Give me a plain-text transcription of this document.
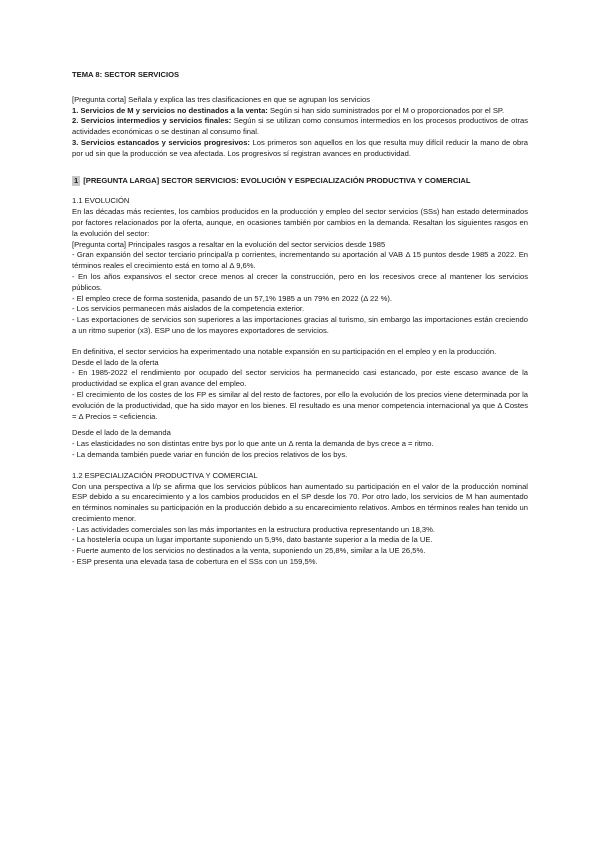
TEMA 8: SECTOR SERVICIOS

[Pregunta corta] Señala y explica las tres clasificaciones en que se agrupan los servicios

1. Servicios de M y servicios no destinados a la venta: Según si han sido suministrados por el M o proporcionados por el SP.

2. Servicios intermedios y servicios finales: Según si se utilizan como consumos intermedios en los procesos productivos de otras actividades económicas o se destinan al consumo final.

3. Servicios estancados y servicios progresivos: Los primeros son aquellos en los que resulta muy difícil reducir la mano de obra por ud sin que la producción se vea afectada. Los progresivos sí registran avances en productividad.

1 [PREGUNTA LARGA] SECTOR SERVICIOS: EVOLUCIÓN Y ESPECIALIZACIÓN PRODUCTIVA Y COMERCIAL

1.1 EVOLUCIÓN

En las décadas más recientes, los cambios producidos en la producción y empleo del sector servicios (SSs) han estado determinados por factores relacionados por la oferta, aunque, en ocasiones también por cambios en la demanda. Resaltan los siguientes rasgos en la evolución del sector:

[Pregunta corta] Principales rasgos a resaltar en la evolución del sector servicios desde 1985

- Gran expansión del sector terciario principal/a p corrientes, incrementando su aportación al VAB Δ 15 puntos desde 1985 a 2022. En términos reales el crecimiento está en torno al Δ 9,6%.

- En los años expansivos el sector crece menos al crecer la construcción, pero en los recesivos crece al mantener los servicios públicos.

- El empleo crece de forma sostenida, pasando de un 57,1% 1985 a un 79% en 2022 (Δ 22 %).

- Los servicios permanecen más aislados de la competencia exterior.

- Las exportaciones de servicios son superiores a las importaciones gracias al turismo, sin embargo las importaciones están creciendo a un ritmo superior (x3). ESP uno de los mayores exportadores de servicios.

En definitiva, el sector servicios ha experimentado una notable expansión en su participación en el empleo y en la producción.

Desde el lado de la oferta

- En 1985-2022 el rendimiento por ocupado del sector servicios ha permanecido casi estancado, por este escaso avance de la productividad se explica el gran avance del empleo.

- El crecimiento de los costes de los FP es similar al del resto de factores, por ello la evolución de los precios viene determinada por la evolución de la productividad, que ha sido mayor en los bienes. El resultado es una menor competencia internacional ya que Δ Costes = Δ Precios = <eficiencia.

Desde el lado de la demanda

- Las elasticidades no son distintas entre bys por lo que ante un Δ renta la demanda de bys crece a = ritmo.

- La demanda también puede variar en función de los precios relativos de los bys.

1.2 ESPECIALIZACIÓN PRODUCTIVA Y COMERCIAL

Con una perspectiva a l/p se afirma que los servicios públicos han aumentado su participación en el valor de la producción nominal ESP debido a su encarecimiento y a los cambios producidos en el SP desde los 70. Por otro lado, los servicios de M han aumentado en términos nominales su participación en la producción debido a su encarecimiento relativos. Ambos en términos reales han tenido un crecimiento menor.

- Las actividades comerciales son las más importantes en la estructura productiva representando un 18,3%.

- La hostelería ocupa un lugar importante suponiendo un 5,9%, dato bastante superior a la media de la UE.

- Fuerte aumento de los servicios no destinados a la venta, suponiendo un 25,8%, similar a la UE 26,5%.

- ESP presenta una elevada tasa de cobertura en el SSs con un 159,5%.
